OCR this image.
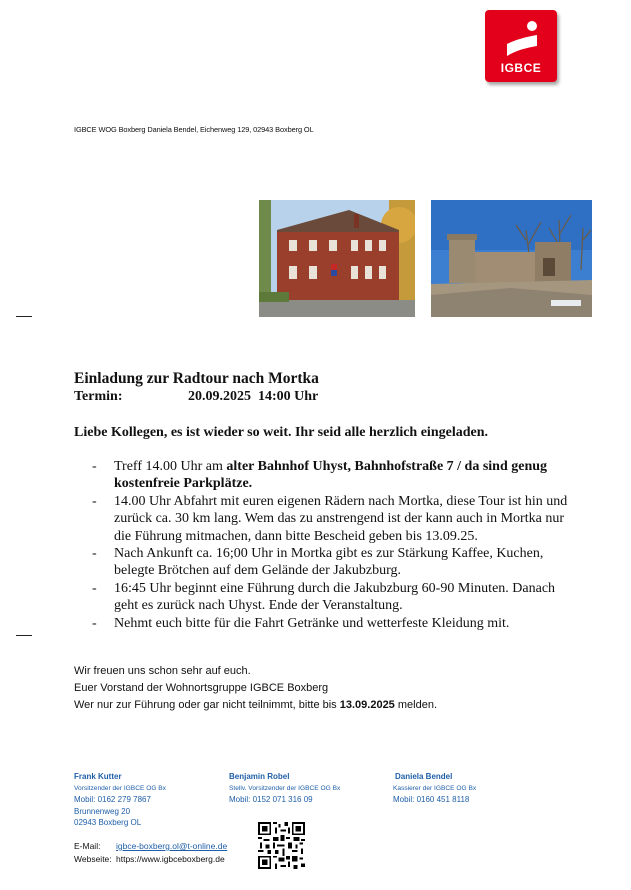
IGBCE
IGBCE WOG Boxberg Daniela Bendel, Eichenweg 129, 02943 Boxberg OL
Einladung zur Radtour nach Mortka
Termin:	20.09.2025  14:00 Uhr
Liebe Kollegen, es ist wieder so weit. Ihr seid alle herzlich eingeladen.
- Treff 14.00 Uhr am alter Bahnhof Uhyst, Bahnhofstraße 7 / da sind genug kostenfreie Parkplätze.
- 14.00 Uhr Abfahrt mit euren eigenen Rädern nach Mortka, diese Tour ist hin und zurück ca. 30 km lang. Wem das zu anstrengend ist der kann auch in Mortka nur die Führung mitmachen, dann bitte Bescheid geben bis 13.09.25.
- Nach Ankunft ca. 16;00 Uhr in Mortka gibt es zur Stärkung Kaffee, Kuchen, belegte Brötchen auf dem Gelände der Jakubzburg.
- 16:45 Uhr beginnt eine Führung durch die Jakubzburg 60-90 Minuten. Danach geht es zurück nach Uhyst. Ende der Veranstaltung.
- Nehmt euch bitte für die Fahrt Getränke und wetterfeste Kleidung mit.
Wir freuen uns schon sehr auf euch.
Euer Vorstand der Wohnortsgruppe IGBCE Boxberg
Wer nur zur Führung oder gar nicht teilnimmt, bitte bis 13.09.2025 melden.
Frank Kutter
Vorsitzender der IGBCE OG Bx
Mobil: 0162 279 7867
Brunnenweg 20
02943 Boxberg OL
Benjamin Robel
Stellv. Vorsitzender der IGBCE OG Bx
Mobil: 0152 071 316 09
Daniela Bendel
Kassierer der IGBCE OG Bx
Mobil: 0160 451 8118
E-Mail: igbce-boxberg.ol@t-online.de
Webseite: https://www.igbceboxberg.de
